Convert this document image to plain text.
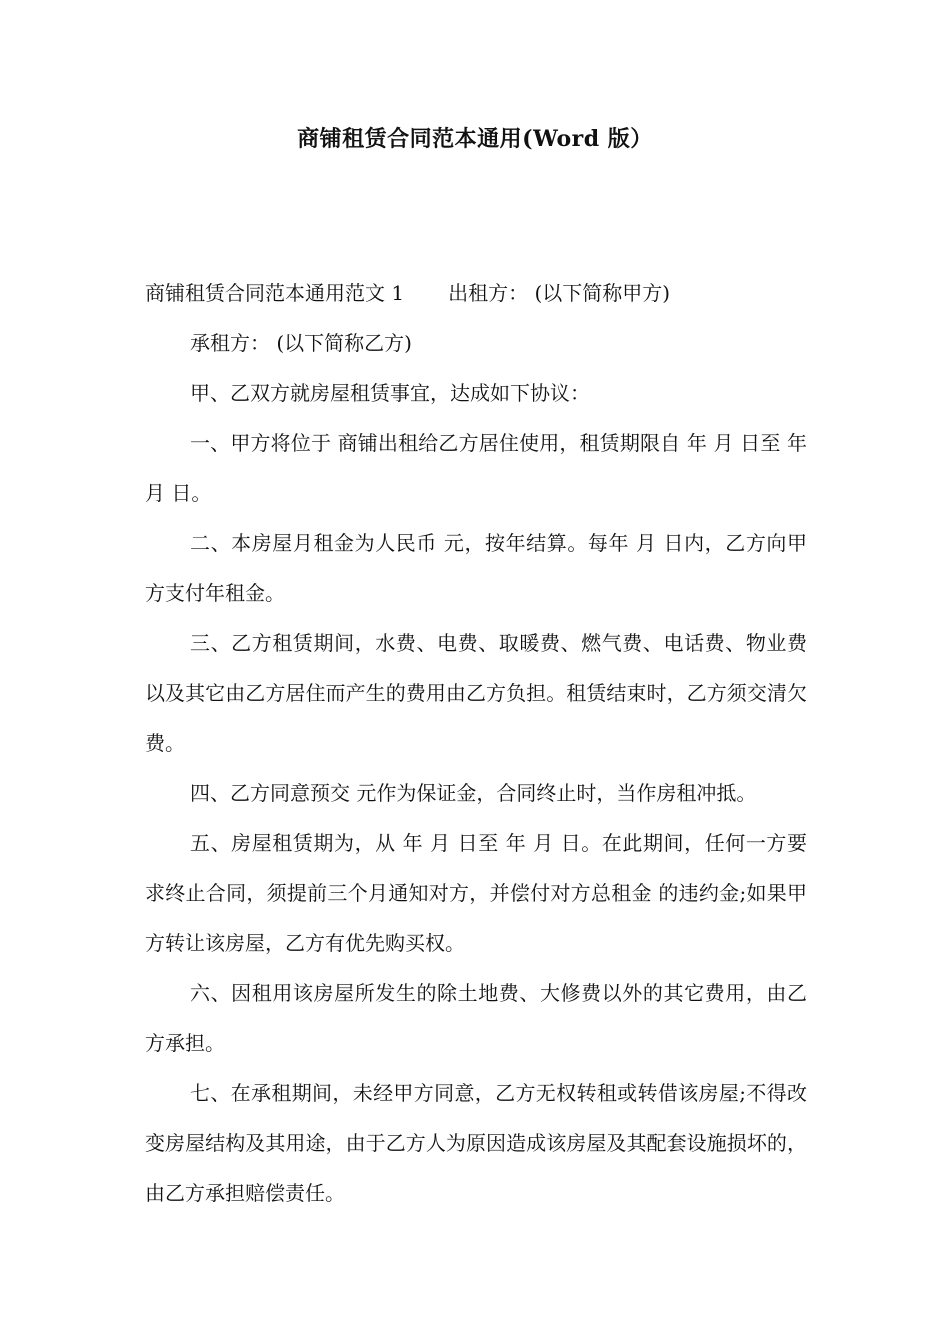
商铺租赁合同范本通用(Word 版）

商铺租赁合同范本通用范文 1 出租方： (以下简称甲方)

承租方： (以下简称乙方)

甲、乙双方就房屋租赁事宜，达成如下协议：

一、甲方将位于 商铺出租给乙方居住使用，租赁期限自 年 月 日至 年 月 日。

二、本房屋月租金为人民币 元，按年结算。每年 月 日内，乙方向甲方支付年租金。

三、乙方租赁期间，水费、电费、取暖费、燃气费、电话费、物业费以及其它由乙方居住而产生的费用由乙方负担。租赁结束时，乙方须交清欠费。

四、乙方同意预交 元作为保证金，合同终止时，当作房租冲抵。

五、房屋租赁期为，从 年 月 日至 年 月 日。在此期间，任何一方要求终止合同，须提前三个月通知对方，并偿付对方总租金 的违约金;如果甲方转让该房屋，乙方有优先购买权。

六、因租用该房屋所发生的除土地费、大修费以外的其它费用，由乙方承担。

七、在承租期间，未经甲方同意，乙方无权转租或转借该房屋;不得改变房屋结构及其用途，由于乙方人为原因造成该房屋及其配套设施损坏的，由乙方承担赔偿责任。
